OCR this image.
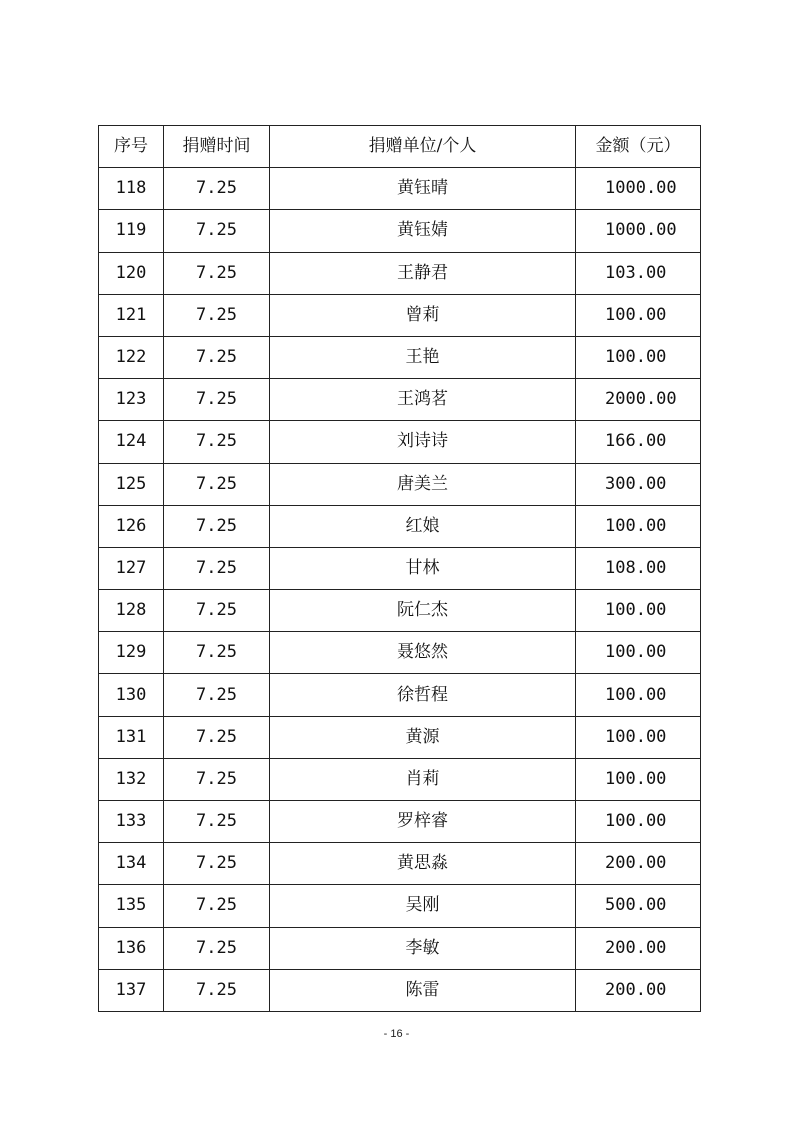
序号	捐赠时间	捐赠单位/个人	金额（元）
118	7.25	黄钰晴	1000.00
119	7.25	黄钰婧	1000.00
120	7.25	王静君	103.00
121	7.25	曾莉	100.00
122	7.25	王艳	100.00
123	7.25	王鸿茗	2000.00
124	7.25	刘诗诗	166.00
125	7.25	唐美兰	300.00
126	7.25	红娘	100.00
127	7.25	甘林	108.00
128	7.25	阮仁杰	100.00
129	7.25	聂悠然	100.00
130	7.25	徐哲程	100.00
131	7.25	黄源	100.00
132	7.25	肖莉	100.00
133	7.25	罗梓睿	100.00
134	7.25	黄思淼	200.00
135	7.25	吴刚	500.00
136	7.25	李敏	200.00
137	7.25	陈雷	200.00
- 16 -
